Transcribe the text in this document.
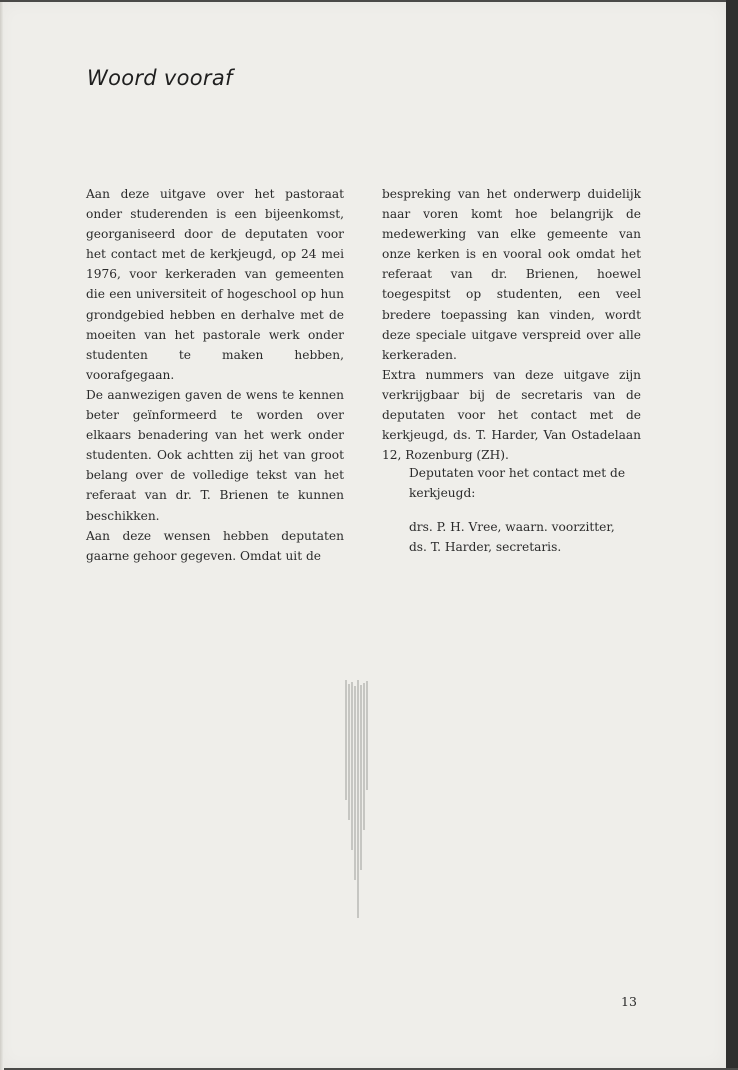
Woord vooraf

Aan deze uitgave over het pastoraat onder studerenden is een bijeenkomst, georganiseerd door de deputaten voor het contact met de kerkjeugd, op 24 mei 1976, voor kerkeraden van gemeenten die een universiteit of hogeschool op hun grondgebied hebben en derhalve met de moeiten van het pastorale werk onder studenten te maken hebben, voorafgegaan.

De aanwezigen gaven de wens te kennen beter geïnformeerd te worden over elkaars benadering van het werk onder studenten. Ook achtten zij het van groot belang over de volledige tekst van het referaat van dr. T. Brienen te kunnen beschikken.

Aan deze wensen hebben deputaten gaarne gehoor gegeven. Omdat uit de

bespreking van het onderwerp duidelijk naar voren komt hoe belangrijk de medewerking van elke gemeente van onze kerken is en vooral ook omdat het referaat van dr. Brienen, hoewel toegespitst op studenten, een veel bredere toepassing kan vinden, wordt deze speciale uitgave verspreid over alle kerkeraden.

Extra nummers van deze uitgave zijn verkrijgbaar bij de secretaris van de deputaten voor het contact met de kerkjeugd, ds. T. Harder, Van Ostadelaan 12, Rozenburg (ZH).

Deputaten voor het contact met de kerkjeugd:

drs. P. H. Vree, waarn. voorzitter,

ds. T. Harder, secretaris.

13
